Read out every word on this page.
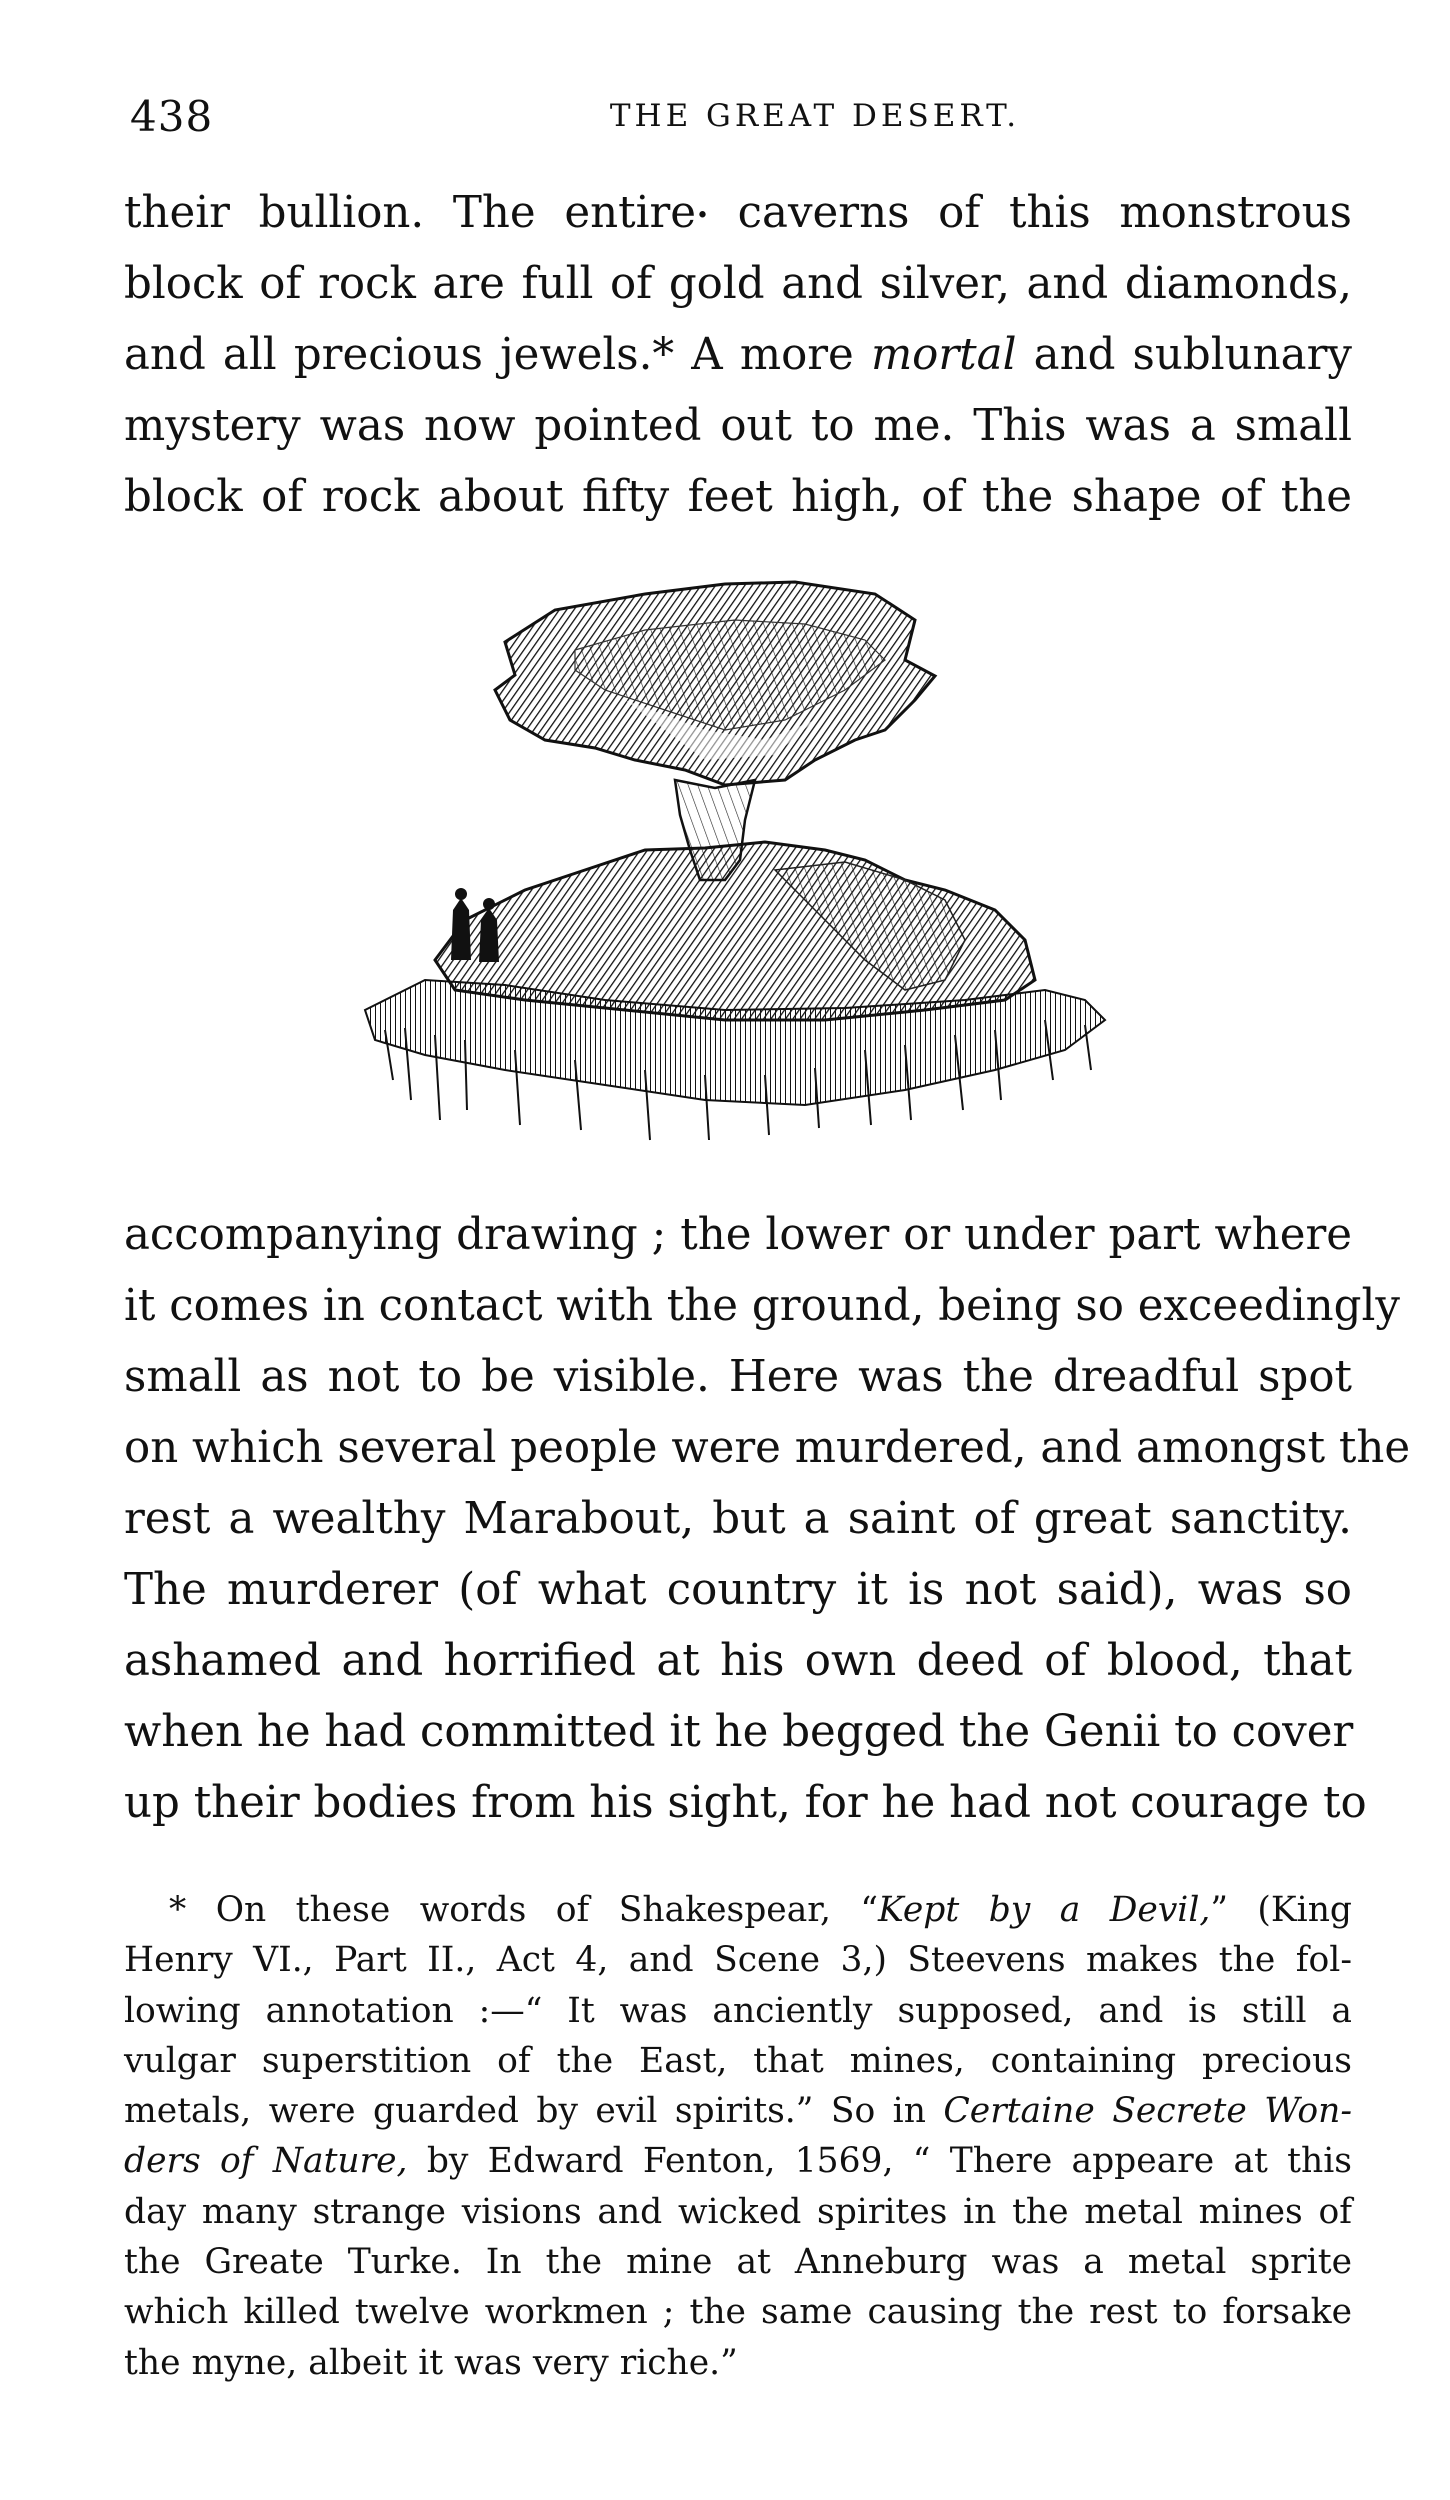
438	THE GREAT DESERT.
their bullion. The entire• caverns of this monstrous
block of rock are full of gold and silver, and diamonds,
and all precious jewels.* A more mortal and sublunary
mystery was now pointed out to me. This was a small
block of rock about fifty feet high, of the shape of the
accompanying drawing ; the lower or under part where
it comes in contact with the ground, being so exceedingly
small as not to be visible. Here was the dreadful spot
on which several people were murdered, and amongst the
rest a wealthy Marabout, but a saint of great sanctity.
The murderer (of what country it is not said), was so
ashamed and horrified at his own deed of blood, that
when he had committed it he begged the Genii to cover
up their bodies from his sight, for he had not courage to
* On these words of Shakespear, “Kept by a Devil,” (King
Henry VI., Part II., Act 4, and Scene 3,) Steevens makes the fol-
lowing annotation :—“ It was anciently supposed, and is still a
vulgar superstition of the East, that mines, containing precious
metals, were guarded by evil spirits.” So in Certaine Secrete Won-
ders of Nature, by Edward Fenton, 1569, “ There appeare at this
day many strange visions and wicked spirites in the metal mines of
the Greate Turke. In the mine at Anneburg was a metal sprite
which killed twelve workmen ; the same causing the rest to forsake
the myne, albeit it was very riche.”
